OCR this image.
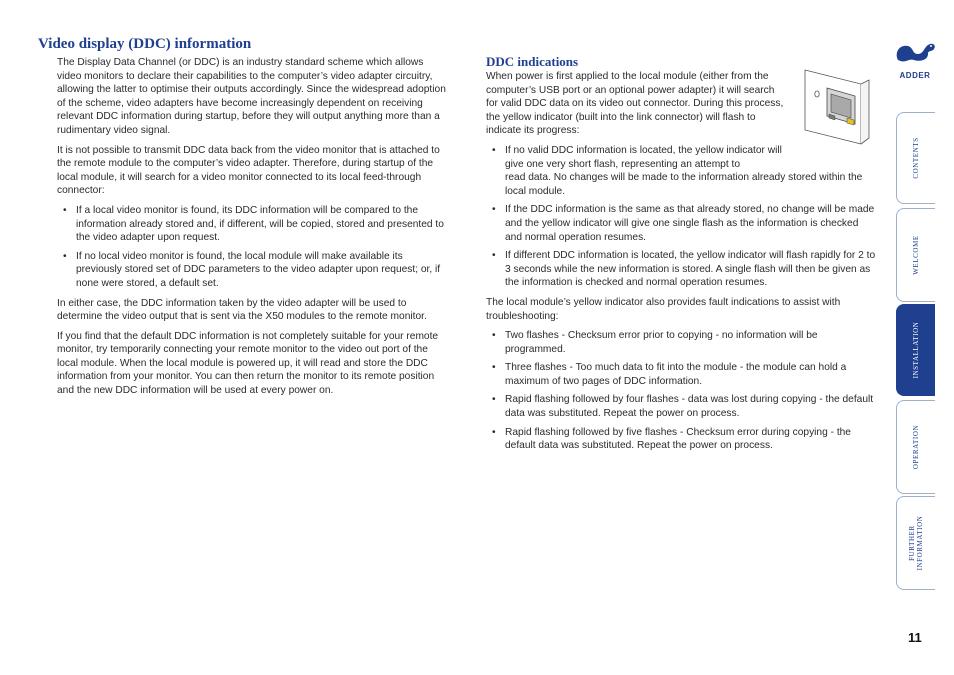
Video display (DDC) information

The Display Data Channel (or DDC) is an industry standard scheme which allows video monitors to declare their capabilities to the computer’s video adapter circuitry, allowing the latter to optimise their outputs accordingly. Since the widespread adoption of the scheme, video adapters have become increasingly dependent on receiving relevant DDC information during startup, before they will output anything more than a rudimentary video signal.

It is not possible to transmit DDC data back from the video monitor that is attached to the remote module to the computer’s video adapter. Therefore, during startup of the local module, it will search for a video monitor connected to its local feed-through connector:

• If a local video monitor is found, its DDC information will be compared to the information already stored and, if different, will be copied, stored and presented to the video adapter upon request.
• If no local video monitor is found, the local module will make available its previously stored set of DDC parameters to the video adapter upon request; or, if none were stored, a default set.

In either case, the DDC information taken by the video adapter will be used to determine the video output that is sent via the X50 modules to the remote monitor.

If you find that the default DDC information is not completely suitable for your remote monitor, try temporarily connecting your remote monitor to the video out port of the local module. When the local module is powered up, it will read and store the DDC information from your monitor. You can then return the monitor to its remote position and the new DDC information will be used at every power on.

DDC indications

When power is first applied to the local module (either from the computer’s USB port or an optional power adapter) it will search for valid DDC data on its video out connector. During this process, the yellow indicator (built into the link connector) will flash to indicate its progress:

• If no valid DDC information is located, the yellow indicator will give one very short flash, representing an attempt to
read data. No changes will be made to the information already stored within the local module.
• If the DDC information is the same as that already stored, no change will be made and the yellow indicator will give one single flash as the information is checked and normal operation resumes.
• If different DDC information is located, the yellow indicator will flash rapidly for 2 to 3 seconds while the new information is stored. A single flash will then be given as the information is checked and normal operation resumes.

The local module’s yellow indicator also provides fault indications to assist with troubleshooting:

• Two flashes - Checksum error prior to copying - no information will be programmed.
• Three flashes - Too much data to fit into the module - the module can hold a maximum of two pages of DDC information.
• Rapid flashing followed by four flashes - data was lost during copying - the default data was substituted. Repeat the power on process.
• Rapid flashing followed by five flashes - Checksum error during copying - the default data was substituted. Repeat the power on process.
ADDER
CONTENTS
WELCOME
INSTALLATION
OPERATION
FURTHER INFORMATION
11
